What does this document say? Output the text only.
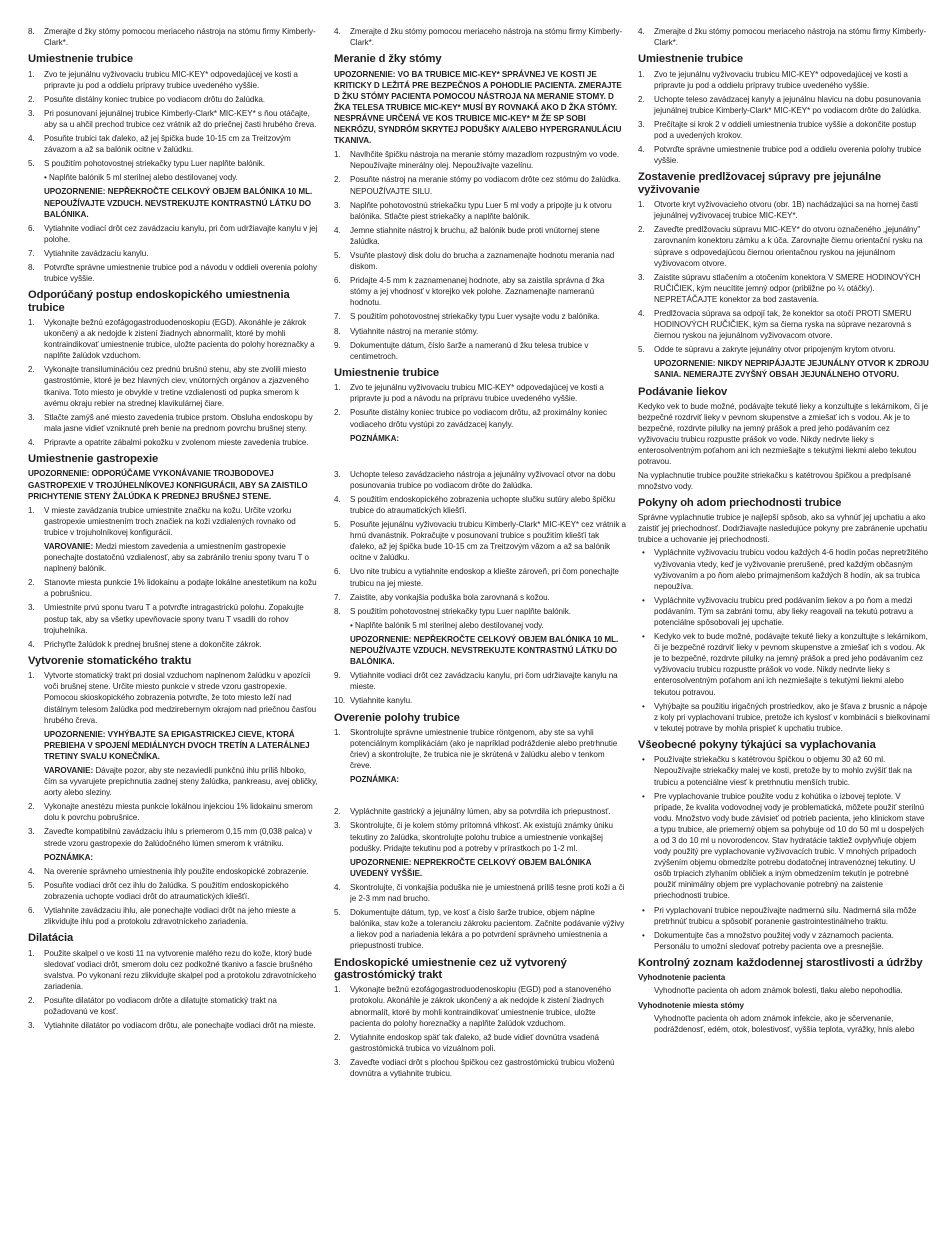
8. Zmerajte d žky stómy pomocou meriaceho nástroja na stómu firmy Kimberly-Clark*.
Umiestnenie trubice
1. Zvo te jejunálnu vyživovaciu trubicu MIC-KEY* odpovedajúcej ve kosti a pripravte ju pod a oddielu prípravy trubice uvedeného vyššie.
2. Posuňte distálny koniec trubice po vodiacom drôtu do žalúdka.
3. Pri posunovaní jejunálnej trubice Kimberly-Clark* MIC-KEY* s ňou otáčajte, aby sa u ahčil prechod trubice cez vrátnik až do priečnej časti hrubého čreva.
4. Posuňte trubici tak ďaleko, až jej špička bude 10-15 cm za Treitzovým závazom a až sa balónik ocitne v žalúdku.
5. S použitím pohotovostnej striekačky typu Luer naplňte balónik.
• Naplňte balónik 5 ml sterilnej alebo destilovanej vody.
UPOZORNENIE: NEPŘEKROČTE CELKOVÝ OBJEM BALÓNIKA 10 ML. NEPOUŽÍVAJTE VZDUCH. NEVSTREKUJTE KONTRASTNÚ LÁTKU DO BALÓNIKA.
6. Vytiahnite vodiací drôt cez zavádzaciu kanylu, pri čom udržiavajte kanylu v jej polohe.
7. Vytiahnite zavádzaciu kanylu.
8. Potvrďte správne umiestnenie trubice pod a návodu v oddieli overenia polohy trubice vyššie.
Odporúčaný postup endoskopického umiestnenia trubice
1. Vykonajte bežnú ezofágogastroduodenoskopiu (EGD). Akonáhle je zákrok ukončený a ak nedojde k zistení žiadnych abnormalít, ktoré by mohli kontraindikovať umiestnenie trubice, uložte pacienta do polohy horeznačky a naplňte žalúdok vzduchom.
2. Vykonajte transiluminációu cez prednú brušnú stenu, aby ste zvolili miesto gastrostómie, ktoré je bez hlavných ciev, vnútorných orgánov a zjazveného tkaniva. Toto miesto je obvykle v tretine vzdialenosti od pupka smerom k avému okraju rebier na strednej klavikulárnej čiare.
3. Stlačte zamýš ané miesto zavedenia trubice prstom. Obsluha endoskopu by mala jasne vidieť vzniknuté preh benie na prednom povrchu brušnej steny.
4. Pripravte a opatrite zábalmi pokožku v zvolenom mieste zavedenia trubice.
Umiestnenie gastropexie
UPOZORNENIE: ODPORÚČAME VYKONÁVANIE TROJBODOVEJ GASTROPEXIE V TROJÚHELNÍKOVEJ KONFIGURÁCII, ABY SA ZAISTILO PRICHYTENIE STENY ŽALÚDKA K PREDNEJ BRUŠNEJ STENE.
1. V mieste zavádzania trubice umiestnite značku na kožu. Určite vzorku gastropexie umiestnením troch značiek na koži vzdialených rovnako od trubice v trojuholníkovej konfigurácii.
VAROVANIE: Medzi miestom zavedenia a umiestnením gastropexie ponechajte dostatočnú vzdialenosť, aby sa zabránilo treniu spony tvaru T o naplnený balónik.
2. Stanovte miesta punkcie 1% lidokainu a podajte lokálne anestetikum na kožu a pobrušnicu.
3. Umiestnite prvú sponu tvaru T a potvrďte intragastrickú polohu. Zopakujte postup tak, aby sa všetky upevňovacie spony tvaru T vsadili do rohov trojuhelníka.
4. Prichyťte žalúdok k prednej brušnej stene a dokončite zákrok.
Vytvorenie stomatického traktu
1. Vytvorte stomatický trakt pri dosial vzduchom naplnenom žalúdku v apozícii voči brušnej stene. Určite miesto punkcie v strede vzoru gastropexie. Pomocou skioskopického zobrazenia potvrďte, že toto miesto leží nad distálnym telesom žalúdka pod medzirebernym okrajom nad priečnou časťou hrubého čreva.
UPOZORNENIE: VYHÝBAJTE SA EPIGASTRICKEJ CIEVE, KTORÁ PREBIEHA V SPOJENÍ MEDIÁLNYCH DVOCH TRETÍN A LATERÁLNEJ TRETINY SVALU KONEČNÍKA.
VAROVANIE: Dávajte pozor, aby ste nezaviedli punkčnú ihlu príliš hlboko, čím sa vyvarujete prepichnutia zadnej steny žalúdka, pankreasu, avej obličky, aorty alebo sleziny.
2. Vykonajte anestézu miesta punkcie lokálnou injekciou 1% lidokainu smerom dolu k povrchu pobrušnice.
3. Zaveďte kompatibilnú zavádzaciu ihlu s priemerom 0,15 mm (0,038 palca) v strede vzoru gastropexie do žalúdočného lúmen smerom k vrátniku.
POZNÁMKA:
4. Na overenie správneho umiestnenia ihly použite endoskopické zobrazenie.
5. Posuňte vodiaci drôt cez ihlu do žalúdka. S použitím endoskopického zobrazenia uchopte vodiaci drôt do atraumatických kliešťí.
6. Vytiahnite zavádzaciu ihlu, ale ponechajte vodiaci drôt na jeho mieste a zlikvidujte ihlu pod a protokolu zdravotníckeho zariadenia.
Dilatácia
1. Použite skalpel o ve kosti 11 na vytvorenie malého rezu do kože, ktorý bude sledovať vodiaci drôt, smerom dolu cez podkožné tkanivo a fascie brušného svalstva. Po vykonaní rezu zlikvidujte skalpel pod a protokolu zdravotníckeho zariadenia.
2. Posuňte dilatátor po vodiacom drôte a dilatujte stomatický trakt na požadovanú ve kosť.
3. Vytiahnite dilatátor po vodiacom drôtu, ale ponechajte vodiaci drôt na mieste.
4. Zmerajte d žku stómy pomocou meriaceho nástroja na stómu firmy Kimberly-Clark*.
Meranie d žky stómy
UPOZORNENIE: VO BA TRUBICE MIC-KEY* SPRÁVNEJ VE KOSTI JE KRITICKY D LEŽITÁ PRE BEZPEČNOS A POHODLIE PACIENTA. ZMERAJTE D ŽKU STÓMY PACIENTA POMOCOU NÁSTROJA NA MERANIE STOMY. D ŽKA TELESA TRUBICE MIC-KEY* MUSÍ BY ROVNAKÁ AKO D ŽKA STÓMY. NESPRÁVNE URČENÁ VE KOS TRUBICE MIC-KEY* M ŽE SP SOBI NEKRÓZU, SYNDRÓM SKRYTEJ PODUŠKY A/ALEBO HYPERGRANULÁCIU TKANIVA.
1. Navlhčite špičku nástroja na meranie stómy mazadlom rozpustným vo vode. Nepoužívajte minerálny olej. Nepoužívajte vazelínu.
2. Posuňte nástroj na meranie stómy po vodiacom drôte cez stómu do žalúdka. NEPOUŽÍVAJTE SILU.
3. Naplňte pohotovostnú striekačku typu Luer 5 ml vody a pripojte ju k otvoru balónika. Stlačte piest striekačky a naplňte balónik.
4. Jemne stiahnite nástroj k bruchu, až balónik bude proti vnútornej stene žalúdka.
5. Vsuňte plastový disk dolu do brucha a zaznamenajte hodnotu merania nad diskom.
6. Pridajte 4-5 mm k zaznamenanej hodnote, aby sa zaistila správna d žka stómy a jej vhodnosť v ktorejko vek polohe. Zaznamenajte nameranú hodnotu.
7. S použitím pohotovostnej striekačky typu Luer vysajte vodu z balónika.
8. Vytiahnite nástroj na meranie stómy.
9. Dokumentujte dátum, číslo šarže a nameranú d žku telesa trubice v centimetroch.
Umiestnenie trubice
1. Zvo te jejunálnu vyživovaciu trubicu MIC-KEY* odpovedajúcej ve kosti a pripravte ju pod a návodu na prípravu trubice uvedeného vyššie.
2. Posuňte distálny koniec trubice po vodiacom drôtu, až proximálny koniec vodiaceho drôtu vystúpi zo zavádzacej kanyly.
POZNÁMKA:
3. Uchopte teleso zavádzacieho nástroja a jejunálny vyživovací otvor na dobu posunovania trubice po vodiacom drôte do žalúdka.
4. S použitím endoskopického zobrazenia uchopte slučku sutúry alebo špičku trubice do atraumatických kliešťí.
5. Posuňte jejunálnu vyživovaciu trubicu Kimberly-Clark* MIC-KEY* cez vrátnik a hrnú dvanástnik. Pokračujte v posunovaní trubice s použitím kliešťí tak ďaleko, až jej špička bude 10-15 cm za Treitzovým vâzom a až sa balónik ocitne v žalúdku.
6. Uvo nite trubicu a vytiahnite endoskop a kliešte zároveň, pri čom ponechajte trubicu na jej mieste.
7. Zaistite, aby vonkajšia poduška bola zarovnaná s kožou.
8. S použitím pohotovostnej striekačky typu Luer naplňte balónik.
• Naplňte balónik 5 ml sterilnej alebo destilovanej vody.
UPOZORNENIE: NEPŘEKROČTE CELKOVÝ OBJEM BALÓNIKA 10 ML. NEPOUŽÍVAJTE VZDUCH. NEVSTREKUJTE KONTRASTNÚ LÁTKU DO BALÓNIKA.
9. Vytiahnite vodiaci drôt cez zavádzaciu kanylu, pri čom udržiavajte kanylu na mieste.
10. Vytiahnite kanylu.
Overenie polohy trubice
1. Skontrolujte správne umiestnenie trubice röntgenom, aby ste sa vyhli potenciálnym komplikáciám (ako je napríklad podráždenie alebo pretrhnutie čriev) a skontrolujte, že trubica nie je skrútená v žalúdku alebo v tenkom čreve.
POZNÁMKA:
2. Vypláchnite gastrický a jejunálny lúmen, aby sa potvrdila ich priepustnosť.
3. Skontrolujte, či je kolem stómy prítomná vlhkosť. Ak existujú známky úniku tekutiny zo žalúdka, skontrolujte polohu trubice a umiestnenie vonkajšej podušky. Pridajte tekutinu pod a potreby v prírastkoch po 1-2 ml.
UPOZORNENIE: NEPREKROČTE CELKOVÝ OBJEM BALÓNIKA UVEDENÝ VYŠŠIE.
4. Skontrolujte, či vonkajšia poduška nie je umiestnená príliš tesne proti koži a či je 2-3 mm nad brucho.
5. Dokumentujte dátum, typ, ve kosť a číslo šarže trubice, objem náplne balónika, stav kože a toleranciu zákroku pacientom. Začnite podávanie výživy a liekov pod a nariadenia lekára a po potvrdení správneho umiestnenia a priepustnosti trubice.
Endoskopické umiestnenie cez už vytvorený gastrostómický trakt
1. Vykonajte bežnú ezofágogastroduodenoskopiu (EGD) pod a stanoveného protokolu. Akonáhle je zákrok ukončený a ak nedojde k zistení žiadnych abnormalít, ktoré by mohli kontraindikovať umiestnenie trubice, uložte pacienta do polohy horeznačky a naplňte žalúdok vzduchom.
2. Vytiahnite endoskop späť tak ďaleko, až bude vidieť dovnútra vsadená gastrostómická trubica vo vizuálnom poli.
3. Zaveďte vodiaci drôt s plochou špičkou cez gastrostómickú trubicu vloženú dovnútra a vytiahnite trubicu.
4. Zmerajte d žku stómy pomocou meriaceho nástroja na stómu firmy Kimberly-Clark*.
Umiestnenie trubice
1. Zvo te jejunálnu vyživovaciu trubicu MIC-KEY* odpovedajúcej ve kosti a pripravte ju pod a oddielu prípravy trubice uvedeného vyššie.
2. Uchopte teleso zavádzacej kanyly a jejunálnu hlavicu na dobu posunovania jejunálnej trubice Kimberly-Clark* MIC-KEY* po vodiacom drôte do žalúdka.
3. Prečítajte si krok 2 v oddieli umiestnenia trubice vyššie a dokončite postup pod a uvedených krokov.
4. Potvrďte správne umiestnenie trubice pod a oddielu overenia polohy trubice vyššie.
Zostavenie predlžovacej súpravy pre jejunálne vyživovanie
1. Otvorte kryt vyživovacieho otvoru (obr. 1B) nachádzajúci sa na hornej časti jejunálnej vyživovacej trubice MIC-KEY*.
2. Zaveďte predlžovaciu súpravu MIC-KEY* do otvoru označeného „jejunálny" zarovnaním konektoru zámku a k úča. Zarovnajte čiernu orientační rysku na súprave s odpovedajúcou čiernou orientačnou ryskou na jejunálnom vyživovacom otvore.
3. Zaistite súpravu stlačením a otočením konektora V SMERE HODINOVÝCH RUČIČIEK, kým neucítite jemný odpor (približne po ¼ otáčky). NEPRETÁČAJTE konektor za bod zastavenia.
4. Predlžovacia súprava sa odpojí tak, že konektor sa otočí PROTI SMERU HODINOVÝCH RUČIČIEK, kým sa čierna ryska na súprave nezarovná s čiernou ryskou na jejunálnom vyživovacom otvore.
5. Odde te súpravu a zakryte jejunálny otvor pripojeným krytom otvoru.
UPOZORNENIE: NIKDY NEPRIPÁJAJTE JEJUNÁLNY OTVOR K ZDROJU SANIA. NEMERAJTE ZVYŠNÝ OBSAH JEJUNÁLNEHO OTVORU.
Podávanie liekov
Kedyko vek to bude možné, podávajte tekuté lieky a konzultujte s lekárnikom, či je bezpečné rozdrviť lieky v pevnom skupenstve a zmiešať ich s vodou. Ak je to bezpečné, rozdrvte pilulky na jemný prášok a pred jeho podávaním cez vyživovaciu trubicu rozpustte prášok vo vode. Nikdy nedrvte lieky s enterosolventným poťahom ani ich nezmiešajte s tekutými liekmi alebo tekutou potravou.
Na vyplachnutie trubice použite striekačku s katétrovou špičkou a predpísané množstvo vody.
Pokyny oh adom priechodnosti trubice
Správne vyplachnutie trubice je najlepší spôsob, ako sa vyhnúť jej upchatiu a ako zaistiť jej priechodnosť. Dodržiavajte nasledujúce pokyny pre zabránenie upchatiu trubice a uchovanie jej priechodnosti.
• Vypláchnite vyživovaciu trubicu vodou každých 4-6 hodín počas nepretržitého vyživovania vtedy, keď je vyživovanie prerušené, pred každým občasným vyživovaním a po ňom alebo primajmenšom každých 8 hodín, ak sa trubica nepoužíva.
• Vypláchnite vyživovaciu trubicu pred podávaním liekov a po ňom a medzi podávaním. Tým sa zabráni tomu, aby lieky reagovali na tekutú potravu a potenciálne spôsobovali jej upchatie.
• Kedyko vek to bude možné, podávajte tekuté lieky a konzultujte s lekárnikom, či je bezpečné rozdrviť lieky v pevnom skupenstve a zmiešať ich s vodou. Ak je to bezpečné, rozdrvte pilulky na jemný prášok a pred jeho podávaním cez vyživovaciu trubicu rozpustte prášok vo vode. Nikdy nedrvte lieky s enterosolventným poťahom ani ich nezmiešajte s tekutými liekmi alebo tekutou potravou.
• Vyhýbajte sa použitiu irigačných prostriedkov, ako je šťava z brusnic a nápoje z koly pri vyplachovaní trubice, pretože ich kyslosť v kombinácii s bielkovinami v tekutej potrave by mohla prispieť k upchatiu trubice.
Všeobecné pokyny týkajúci sa vyplachovania
• Používajte striekačku s katétrovou špičkou o objemu 30 až 60 ml. Nepoužívajte striekačky malej ve kosti, pretože by to mohlo zvýšiť tlak na trubicu a potenciálne viesť k pretrhnutiu menších trubic.
• Pre vyplachovanie trubice použite vodu z kohútika o izbovej teplote. V prípade, že kvalita vodovodnej vody je problematická, môžete použiť sterilnú vodu. Množstvo vody bude závisieť od potrieb pacienta, jeho klinickom stave a typu trubice, ale priemerný objem sa pohybuje od 10 do 50 ml u dospelých a od 3 do 10 ml u novorodencov. Stav hydratácie taktiež ovplyvňuje objem vody použitý pre vyplachovanie vyživovacích trubic. V mnohých prípadoch zvýšením objemu obmedzíte potrebu dodatočnej intravenóznej tekutiny. U osôb trpiacich zlyhaním obličiek a iným obmedzením tekutín je potrebné použiť minimálny objem pre vyplachovanie potrebný na zaistenie priechodnosti trubice.
• Pri vyplachovaní trubice nepoužívajte nadmernú silu. Nadmerná sila môže pretrhnúť trubicu a spôsobiť poranenie gastrointestinálneho traktu.
• Dokumentujte čas a množstvo použitej vody v záznamoch pacienta. Personálu to umožní sledovať potreby pacienta ove a presnejšie.
Kontrolný zoznam každodennej starostlivosti a údržby
Vyhodnotenie pacienta
Vyhodnoťte pacienta oh adom známok bolesti, tlaku alebo nepohodlia.
Vyhodnotenie miesta stómy
Vyhodnoťte pacienta oh adom známok infekcie, ako je sčervenanie, podráždenosť, edém, otok, bolestivosť, vyššia teplota, vyrážky, hnis alebo
